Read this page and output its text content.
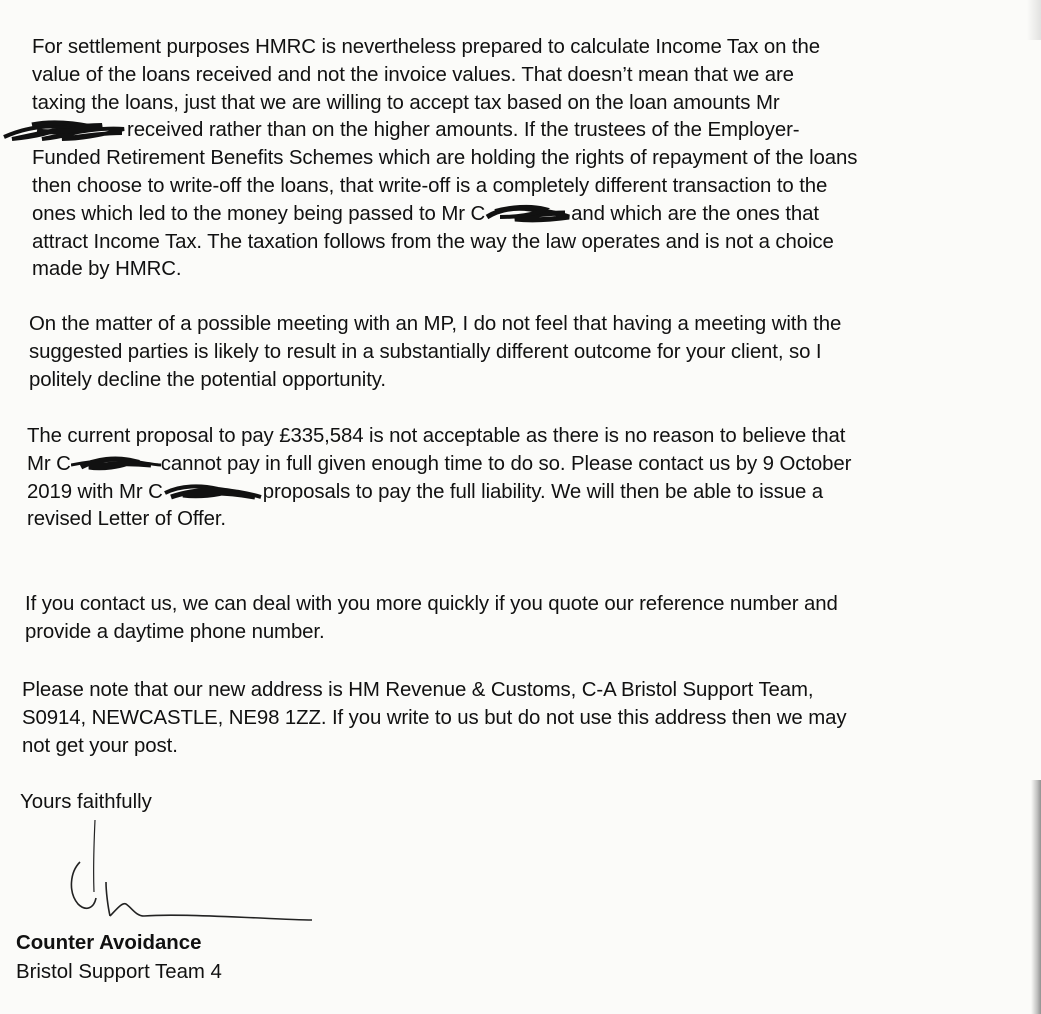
For settlement purposes HMRC is nevertheless prepared to calculate Income Tax on the
value of the loans received and not the invoice values. That doesn’t mean that we are
taxing the loans, just that we are willing to accept tax based on the loan amounts Mr
received rather than on the higher amounts. If the trustees of the Employer-
Funded Retirement Benefits Schemes which are holding the rights of repayment of the loans
then choose to write-off the loans, that write-off is a completely different transaction to the
ones which led to the money being passed to Mr C	and which are the ones that
attract Income Tax. The taxation follows from the way the law operates and is not a choice
made by HMRC.

On the matter of a possible meeting with an MP, I do not feel that having a meeting with the
suggested parties is likely to result in a substantially different outcome for your client, so I
politely decline the potential opportunity.

The current proposal to pay £335,584 is not acceptable as there is no reason to believe that
Mr C	cannot pay in full given enough time to do so. Please contact us by 9 October
2019 with Mr C	proposals to pay the full liability. We will then be able to issue a
revised Letter of Offer.

If you contact us, we can deal with you more quickly if you quote our reference number and
provide a daytime phone number.

Please note that our new address is HM Revenue & Customs, C-A Bristol Support Team,
S0914, NEWCASTLE, NE98 1ZZ. If you write to us but do not use this address then we may
not get your post.

Yours faithfully

Counter Avoidance

Bristol Support Team 4
